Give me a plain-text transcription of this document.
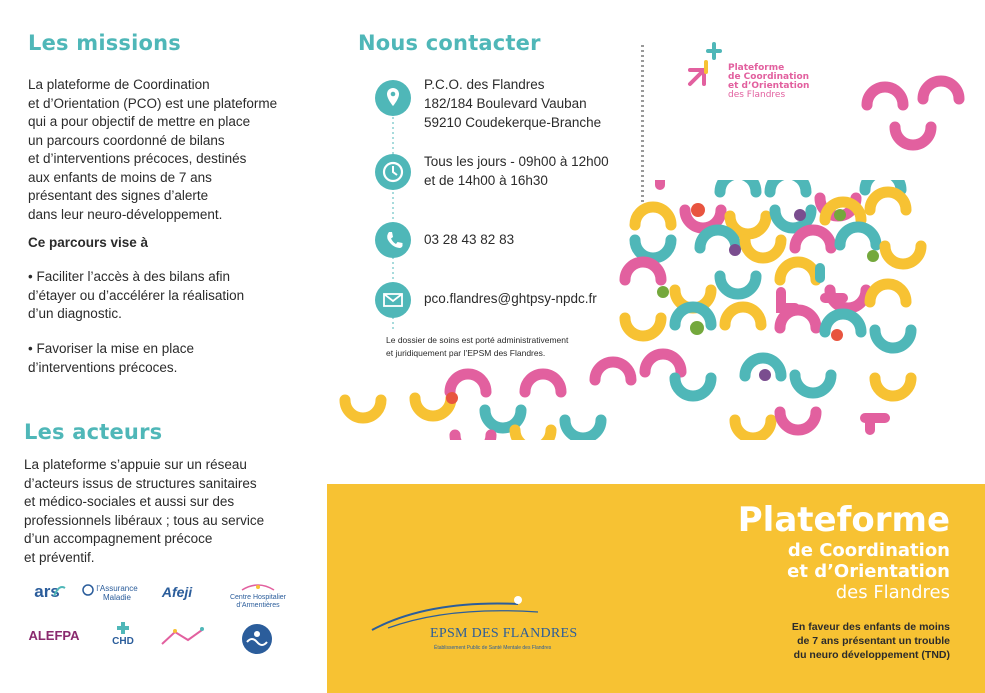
Les missions

La plateforme de Coordination

et d’Orientation (PCO) est une plateforme

qui a pour objectif de mettre en place

un parcours coordonné de bilans

et d’interventions précoces, destinés

aux enfants de moins de 7 ans

présentant des signes d’alerte

dans leur neuro-développement.

Ce parcours vise à

• Faciliter l’accès à des bilans afin

d’étayer ou d’accélérer la réalisation

d’un diagnostic.

• Favoriser la mise en place

d’interventions précoces.

Les acteurs

La plateforme s’appuie sur un réseau

d’acteurs issus de structures sanitaires

et médico-sociales et aussi sur des

professionnels libéraux ; tous au service

d’un accompagnement précoce

et préventif.

ars	l’Assurance Maladie	Afeji	Centre Hospitalier d’Armentières
ALEFPA	CHD
Nous contacter
P.C.O. des Flandres
182/184 Boulevard Vauban
59210 Coudekerque-Branche
Tous les jours - 09h00 à 12h00
et de 14h00 à 16h30
03 28 43 82 83
pco.flandres@ghtpsy-npdc.fr
Le dossier de soins est porté administrativement
et juridiquement par l’EPSM des Flandres.
Plateforme
de Coordination
et d’Orientation
des Flandres
Plateforme
de Coordination
et d’Orientation
des Flandres
En faveur des enfants de moins
de 7 ans présentant un trouble
du neuro développement (TND)
EPSM DES FLANDRES
Établissement Public de Santé Mentale des Flandres
